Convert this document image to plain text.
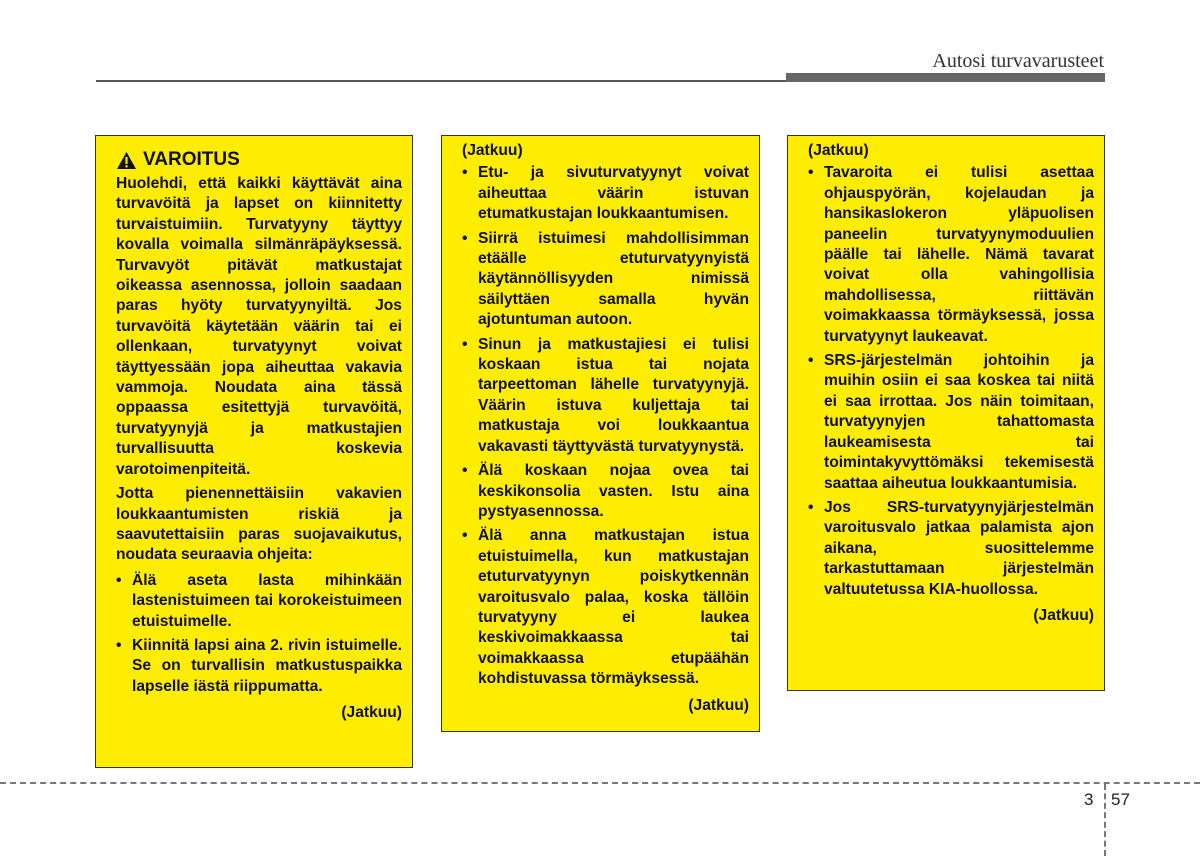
Autosi turvavarusteet
VAROITUS
Huolehdi, että kaikki käyttävät aina turvavöitä ja lapset on kiinnitetty turvaistuimiin. Turvatyyny täyttyy kovalla voimalla silmänräpäyksessä. Turvavyöt pitävät matkustajat oikeassa asennossa, jolloin saadaan paras hyöty turvatyynyiltä. Jos turvavöitä käytetään väärin tai ei ollenkaan, turvatyynyt voivat täyttyessään jopa aiheuttaa vakavia vammoja. Noudata aina tässä oppaassa esitettyjä turvavöitä, turvatyynyjä ja matkustajien turvallisuutta koskevia varotoimenpiteitä.
Jotta pienennettäisiin vakavien loukkaantumisten riskiä ja saavutettaisiin paras suojavaikutus, noudata seuraavia ohjeita:
• Älä aseta lasta mihinkään lastenistuimeen tai korokeistuimeen etuistuimelle.
• Kiinnitä lapsi aina 2. rivin istuimelle. Se on turvallisin matkustuspaikka lapselle iästä riippumatta.
(Jatkuu)
(Jatkuu)
• Etu- ja sivuturvatyynyt voivat aiheuttaa väärin istuvan etumatkustajan loukkaantumisen.
• Siirrä istuimesi mahdollisimman etäälle etuturvatyynyistä käytännöllisyyden nimissä säilyttäen samalla hyvän ajotuntuman autoon.
• Sinun ja matkustajiesi ei tulisi koskaan istua tai nojata tarpeettoman lähelle turvatyynyjä. Väärin istuva kuljettaja tai matkustaja voi loukkaantua vakavasti täyttyvästä turvatyynystä.
• Älä koskaan nojaa ovea tai keskikonsolia vasten. Istu aina pystyasennossa.
• Älä anna matkustajan istua etuistuimella, kun matkustajan etuturvatyynyn poiskytkennän varoitusvalo palaa, koska tällöin turvatyyny ei laukea keskivoimakkaassa tai voimakkaassa etupäähän kohdistuvassa törmäyksessä.
(Jatkuu)
(Jatkuu)
• Tavaroita ei tulisi asettaa ohjauspyörän, kojelaudan ja hansikaslokeron yläpuolisen paneelin turvatyynymoduulien päälle tai lähelle. Nämä tavarat voivat olla vahingollisia mahdollisessa, riittävän voimakkaassa törmäyksessä, jossa turvatyynyt laukeavat.
• SRS-järjestelmän johtoihin ja muihin osiin ei saa koskea tai niitä ei saa irrottaa. Jos näin toimitaan, turvatyynyjen tahattomasta laukeamisesta tai toimintakyvyttömäksi tekemisestä saattaa aiheutua loukkaantumisia.
• Jos SRS-turvatyynyjärjestelmän varoitusvalo jatkaa palamista ajon aikana, suosittelemme tarkastuttamaan järjestelmän valtuutetussa KIA-huollossa.
(Jatkuu)
3 57
